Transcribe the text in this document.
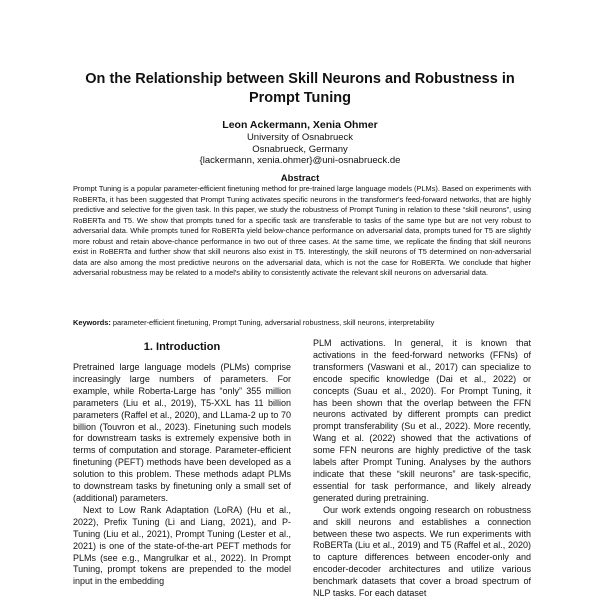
On the Relationship between Skill Neurons and Robustness in Prompt Tuning
Leon Ackermann, Xenia Ohmer
University of Osnabrueck
Osnabrueck, Germany
{lackermann, xenia.ohmer}@uni-osnabrueck.de
Abstract
Prompt Tuning is a popular parameter-efficient finetuning method for pre-trained large language models (PLMs). Based on experiments with RoBERTa, it has been suggested that Prompt Tuning activates specific neurons in the transformer's feed-forward networks, that are highly predictive and selective for the given task. In this paper, we study the robustness of Prompt Tuning in relation to these “skill neurons”, using RoBERTa and T5. We show that prompts tuned for a specific task are transferable to tasks of the same type but are not very robust to adversarial data. While prompts tuned for RoBERTa yield below-chance performance on adversarial data, prompts tuned for T5 are slightly more robust and retain above-chance performance in two out of three cases. At the same time, we replicate the finding that skill neurons exist in RoBERTa and further show that skill neurons also exist in T5. Interestingly, the skill neurons of T5 determined on non-adversarial data are also among the most predictive neurons on the adversarial data, which is not the case for RoBERTa. We conclude that higher adversarial robustness may be related to a model's ability to consistently activate the relevant skill neurons on adversarial data.
Keywords: parameter-efficient finetuning, Prompt Tuning, adversarial robustness, skill neurons, interpretability
1. Introduction

Pretrained large language models (PLMs) comprise increasingly large numbers of parameters. For example, while Roberta-Large has “only” 355 million parameters (Liu et al., 2019), T5-XXL has 11 billion parameters (Raffel et al., 2020), and LLama-2 up to 70 billion (Touvron et al., 2023). Finetuning such models for downstream tasks is extremely expensive both in terms of computation and storage. Parameter-efficient finetuning (PEFT) methods have been developed as a solution to this problem. These methods adapt PLMs to downstream tasks by finetuning only a small set of (additional) parameters.

Next to Low Rank Adaptation (LoRA) (Hu et al., 2022), Prefix Tuning (Li and Liang, 2021), and P-Tuning (Liu et al., 2021), Prompt Tuning (Lester et al., 2021) is one of the state-of-the-art PEFT methods for PLMs (see e.g., Mangrulkar et al., 2022). In Prompt Tuning, prompt tokens are prepended to the model input in the embedding

PLM activations. In general, it is known that activations in the feed-forward networks (FFNs) of transformers (Vaswani et al., 2017) can specialize to encode specific knowledge (Dai et al., 2022) or concepts (Suau et al., 2020). For Prompt Tuning, it has been shown that the overlap between the FFN neurons activated by different prompts can predict prompt transferability (Su et al., 2022). More recently, Wang et al. (2022) showed that the activations of some FFN neurons are highly predictive of the task labels after Prompt Tuning. Analyses by the authors indicate that these “skill neurons” are task-specific, essential for task performance, and likely already generated during pretraining.

Our work extends ongoing research on robustness and skill neurons and establishes a connection between these two aspects. We run experiments with RoBERTa (Liu et al., 2019) and T5 (Raffel et al., 2020) to capture differences between encoder-only and encoder-decoder architectures and utilize various benchmark datasets that cover a broad spectrum of NLP tasks. For each dataset
